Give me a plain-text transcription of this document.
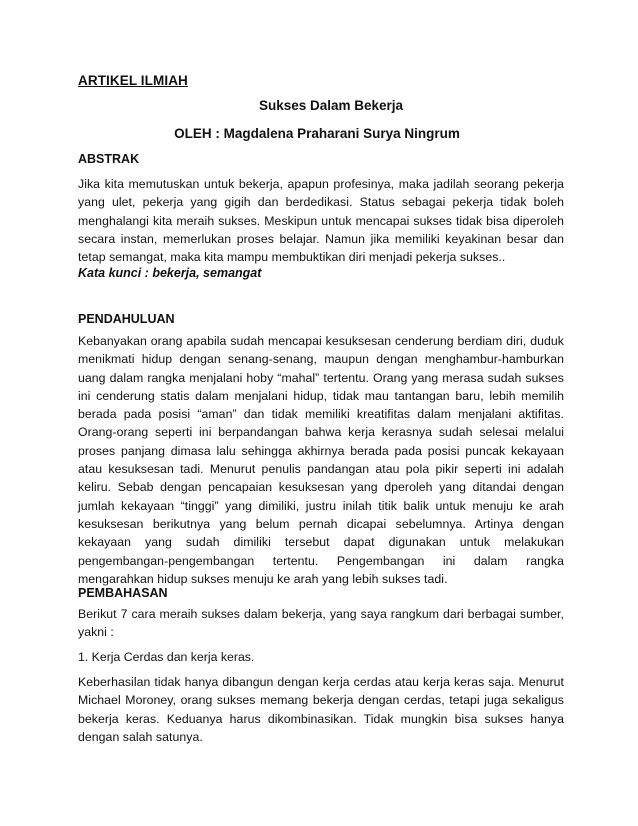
ARTIKEL ILMIAH
Sukses Dalam Bekerja
OLEH : Magdalena Praharani Surya Ningrum
ABSTRAK
Jika kita memutuskan untuk bekerja, apapun profesinya, maka jadilah seorang pekerja yang ulet, pekerja yang gigih dan berdedikasi. Status sebagai pekerja tidak boleh menghalangi kita meraih sukses. Meskipun untuk mencapai sukses tidak bisa diperoleh secara instan, memerlukan proses belajar. Namun jika memiliki keyakinan besar dan tetap semangat, maka kita mampu membuktikan diri menjadi pekerja sukses..
Kata kunci : bekerja, semangat
PENDAHULUAN
Kebanyakan orang apabila sudah mencapai kesuksesan cenderung berdiam diri, duduk menikmati hidup dengan senang-senang, maupun dengan menghambur-hamburkan uang dalam rangka menjalani hoby “mahal” tertentu. Orang yang merasa sudah sukses ini cenderung statis dalam menjalani hidup, tidak mau tantangan baru, lebih memilih berada pada posisi “aman” dan tidak memiliki kreatifitas dalam menjalani aktifitas. Orang-orang seperti ini berpandangan bahwa kerja kerasnya sudah selesai melalui proses panjang dimasa lalu sehingga akhirnya berada pada posisi puncak kekayaan atau kesuksesan tadi. Menurut penulis pandangan atau pola pikir seperti ini adalah keliru. Sebab dengan pencapaian kesuksesan yang dperoleh yang ditandai dengan jumlah kekayaan “tinggi” yang dimiliki, justru inilah titik balik untuk menuju ke arah kesuksesan berikutnya yang belum pernah dicapai sebelumnya. Artinya dengan kekayaan yang sudah dimiliki tersebut dapat digunakan untuk melakukan pengembangan-pengembangan tertentu. Pengembangan ini dalam rangka mengarahkan hidup sukses menuju ke arah yang lebih sukses tadi.
PEMBAHASAN
Berikut 7 cara meraih sukses dalam bekerja, yang saya rangkum dari berbagai sumber, yakni :
1. Kerja Cerdas dan kerja keras.
Keberhasilan tidak hanya dibangun dengan kerja cerdas atau kerja keras saja. Menurut Michael Moroney, orang sukses memang bekerja dengan cerdas, tetapi juga sekaligus bekerja keras. Keduanya harus dikombinasikan. Tidak mungkin bisa sukses hanya dengan salah satunya.
